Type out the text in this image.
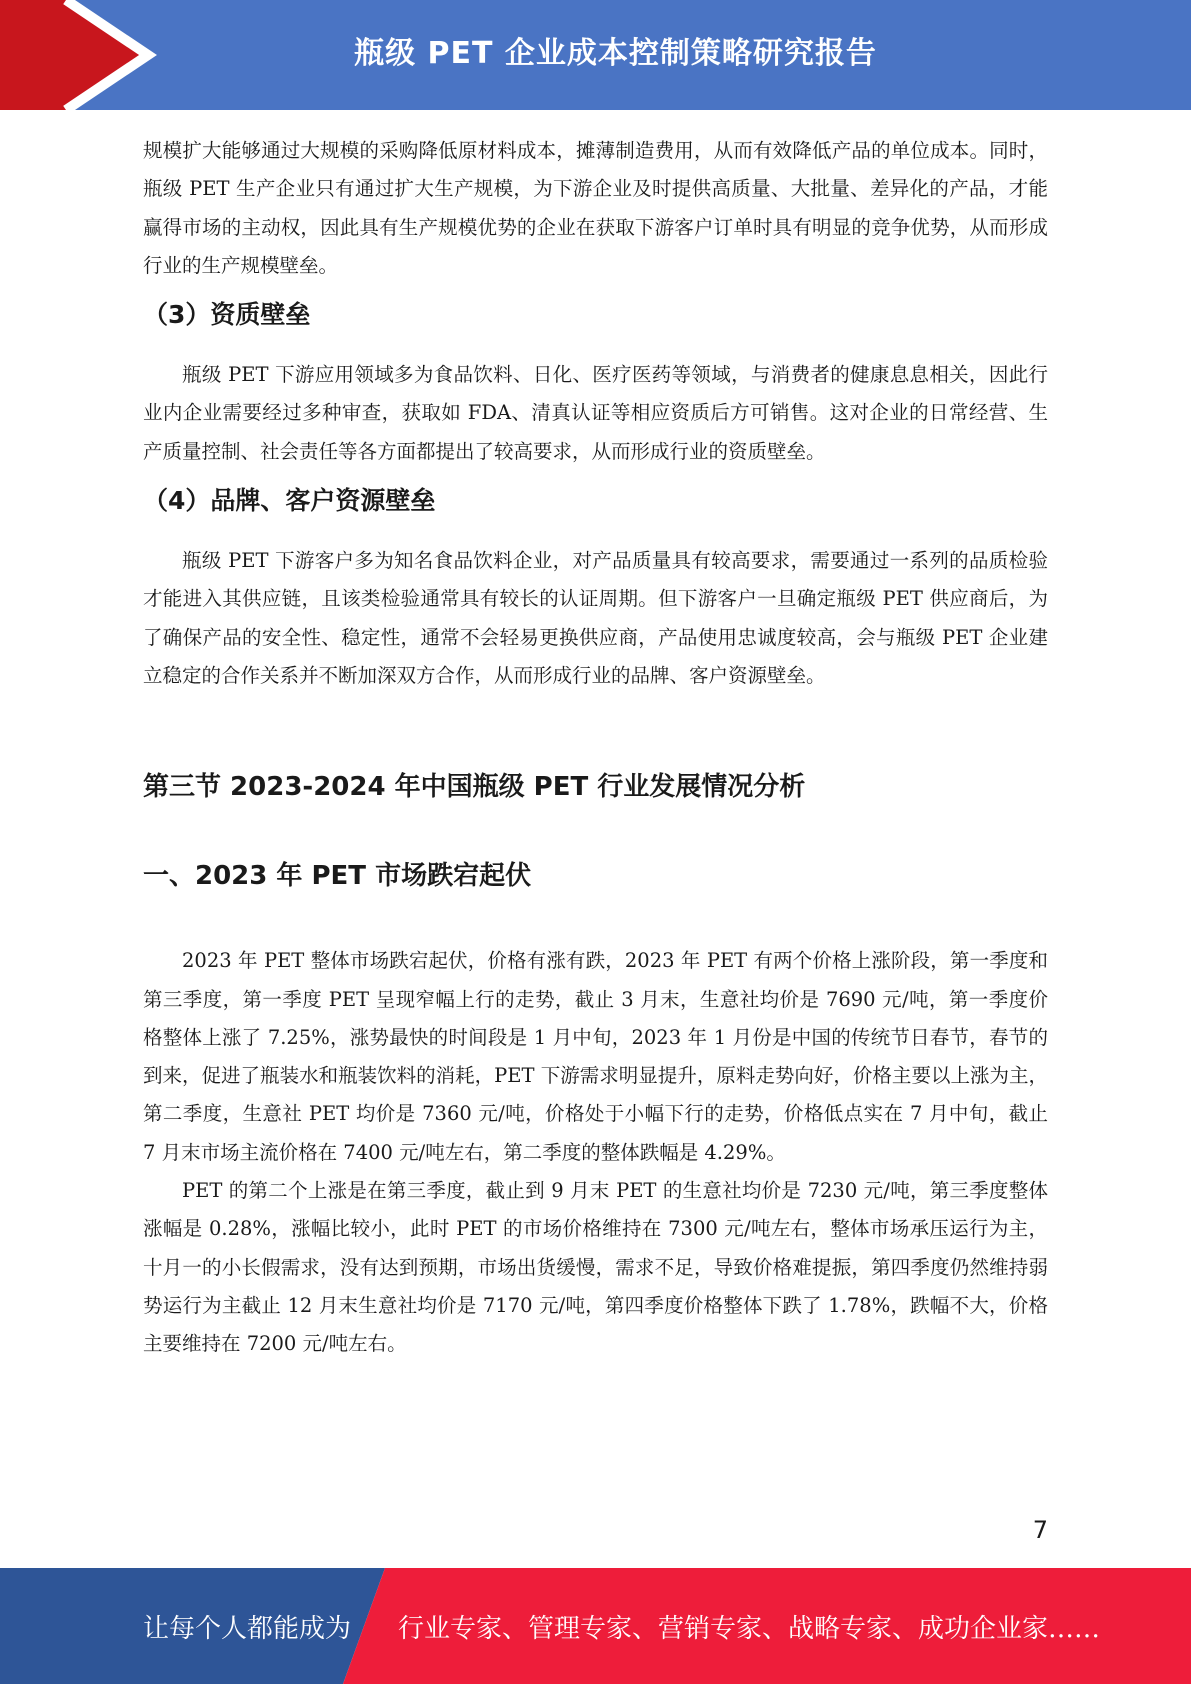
瓶级 PET 企业成本控制策略研究报告

规模扩大能够通过大规模的采购降低原材料成本，摊薄制造费用，从而有效降低产品的单位成本。同时，瓶级 PET 生产企业只有通过扩大生产规模，为下游企业及时提供高质量、大批量、差异化的产品，才能赢得市场的主动权，因此具有生产规模优势的企业在获取下游客户订单时具有明显的竞争优势，从而形成行业的生产规模壁垒。

（3）资质壁垒

瓶级 PET 下游应用领域多为食品饮料、日化、医疗医药等领域，与消费者的健康息息相关，因此行业内企业需要经过多种审查，获取如 FDA、清真认证等相应资质后方可销售。这对企业的日常经营、生产质量控制、社会责任等各方面都提出了较高要求，从而形成行业的资质壁垒。

（4）品牌、客户资源壁垒

瓶级 PET 下游客户多为知名食品饮料企业，对产品质量具有较高要求，需要通过一系列的品质检验才能进入其供应链，且该类检验通常具有较长的认证周期。但下游客户一旦确定瓶级 PET 供应商后，为了确保产品的安全性、稳定性，通常不会轻易更换供应商，产品使用忠诚度较高，会与瓶级 PET 企业建立稳定的合作关系并不断加深双方合作，从而形成行业的品牌、客户资源壁垒。

第三节 2023-2024 年中国瓶级 PET 行业发展情况分析
一、2023 年 PET 市场跌宕起伏

2023 年 PET 整体市场跌宕起伏，价格有涨有跌，2023 年 PET 有两个价格上涨阶段，第一季度和第三季度，第一季度 PET 呈现窄幅上行的走势，截止 3 月末，生意社均价是 7690 元/吨，第一季度价格整体上涨了 7.25%，涨势最快的时间段是 1 月中旬，2023 年 1 月份是中国的传统节日春节，春节的到来，促进了瓶装水和瓶装饮料的消耗，PET 下游需求明显提升，原料走势向好，价格主要以上涨为主，第二季度，生意社 PET 均价是 7360 元/吨，价格处于小幅下行的走势，价格低点实在 7 月中旬，截止 7 月末市场主流价格在 7400 元/吨左右，第二季度的整体跌幅是 4.29%。

PET 的第二个上涨是在第三季度，截止到 9 月末 PET 的生意社均价是 7230 元/吨，第三季度整体涨幅是 0.28%，涨幅比较小，此时 PET 的市场价格维持在 7300 元/吨左右，整体市场承压运行为主，十月一的小长假需求，没有达到预期，市场出货缓慢，需求不足，导致价格难提振，第四季度仍然维持弱势运行为主截止 12 月末生意社均价是 7170 元/吨，第四季度价格整体下跌了 1.78%，跌幅不大，价格主要维持在 7200 元/吨左右。

7
让每个人都能成为 行业专家、管理专家、营销专家、战略专家、成功企业家……
